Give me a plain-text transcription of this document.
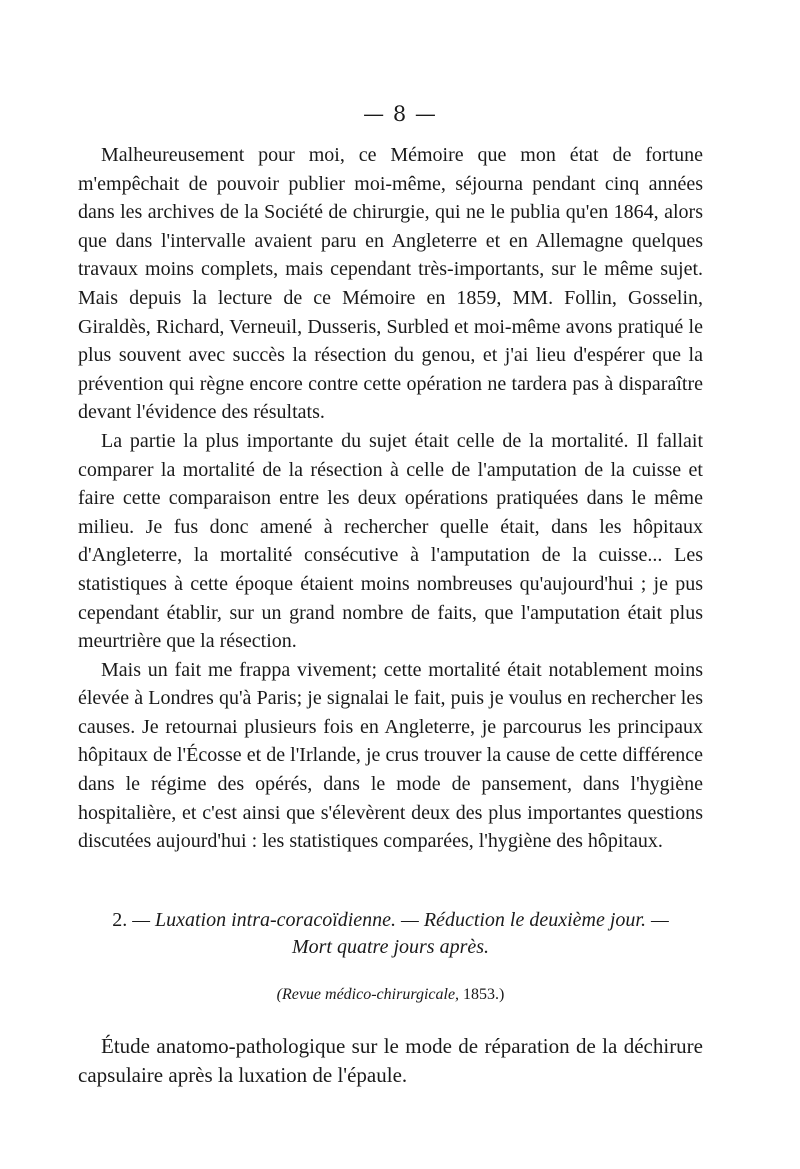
— 8 —

Malheureusement pour moi, ce Mémoire que mon état de fortune m'empêchait de pouvoir publier moi-même, séjourna pendant cinq années dans les archives de la Société de chirurgie, qui ne le publia qu'en 1864, alors que dans l'intervalle avaient paru en Angleterre et en Allemagne quelques travaux moins complets, mais cependant très-importants, sur le même sujet. Mais depuis la lecture de ce Mémoire en 1859, MM. Follin, Gosselin, Giraldès, Richard, Verneuil, Dusseris, Surbled et moi-même avons pratiqué le plus souvent avec succès la résection du genou, et j'ai lieu d'espérer que la prévention qui règne encore contre cette opération ne tardera pas à disparaître devant l'évidence des résultats.

La partie la plus importante du sujet était celle de la mortalité. Il fallait comparer la mortalité de la résection à celle de l'amputation de la cuisse et faire cette comparaison entre les deux opérations pratiquées dans le même milieu. Je fus donc amené à rechercher quelle était, dans les hôpitaux d'Angleterre, la mortalité consécutive à l'amputation de la cuisse... Les statistiques à cette époque étaient moins nombreuses qu'aujourd'hui ; je pus cependant établir, sur un grand nombre de faits, que l'amputation était plus meurtrière que la résection.

Mais un fait me frappa vivement; cette mortalité était notablement moins élevée à Londres qu'à Paris; je signalai le fait, puis je voulus en rechercher les causes. Je retournai plusieurs fois en Angleterre, je parcourus les principaux hôpitaux de l'Écosse et de l'Irlande, je crus trouver la cause de cette différence dans le régime des opérés, dans le mode de pansement, dans l'hygiène hospitalière, et c'est ainsi que s'élevèrent deux des plus importantes questions discutées aujourd'hui : les statistiques comparées, l'hygiène des hôpitaux.

2. — Luxation intra-coracoïdienne. — Réduction le deuxième jour. —
Mort quatre jours après.
(Revue médico-chirurgicale, 1853.)

Étude anatomo-pathologique sur le mode de réparation de la déchirure capsulaire après la luxation de l'épaule.
